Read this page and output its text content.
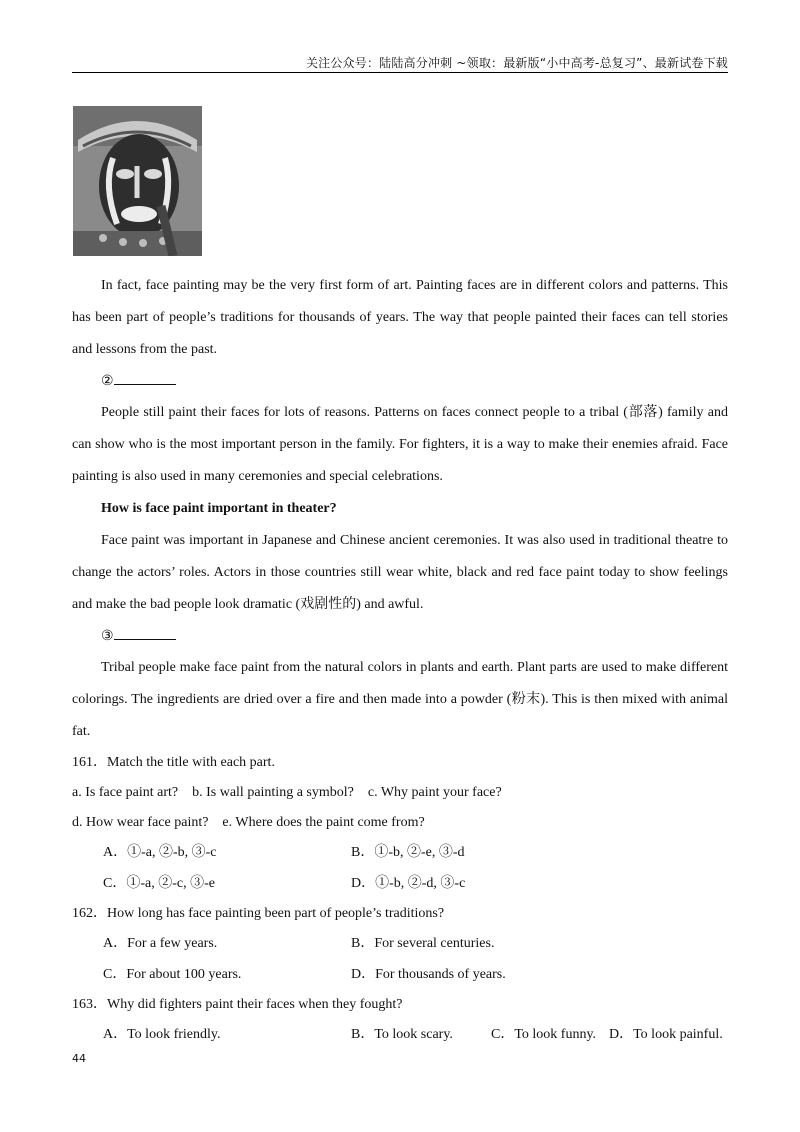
关注公众号：陆陆高分冲刺 ~领取：最新版“小中高考-总复习”、最新试卷下载

In fact, face painting may be the very first form of art. Painting faces are in different colors and patterns. This has been part of people’s traditions for thousands of years. The way that people painted their faces can tell stories and lessons from the past.

②

People still paint their faces for lots of reasons. Patterns on faces connect people to a tribal (部落) family and can show who is the most important person in the family. For fighters, it is a way to make their enemies afraid. Face painting is also used in many ceremonies and special celebrations.

How is face paint important in theater?

Face paint was important in Japanese and Chinese ancient ceremonies. It was also used in traditional theatre to change the actors’ roles. Actors in those countries still wear white, black and red face paint today to show feelings and make the bad people look dramatic (戏剧性的) and awful.

③

Tribal people make face paint from the natural colors in plants and earth. Plant parts are used to make different colorings. The ingredients are dried over a fire and then made into a powder (粉末). This is then mixed with animal fat.

161．Match the title with each part.

a. Is face paint art?    b. Is wall painting a symbol?    c. Why paint your face?

d. How wear face paint?    e. Where does the paint come from?

A．①-a, ②-b, ③-c	B．①-b, ②-e, ③-d
C．①-a, ②-c, ③-e	D．①-b, ②-d, ③-c

162．How long has face painting been part of people’s traditions?

A．For a few years.	B．For several centuries.
C．For about 100 years.	D．For thousands of years.

163．Why did fighters paint their faces when they fought?

A．To look friendly.	B．To look scary.	C．To look funny. D．To look painful.
44
